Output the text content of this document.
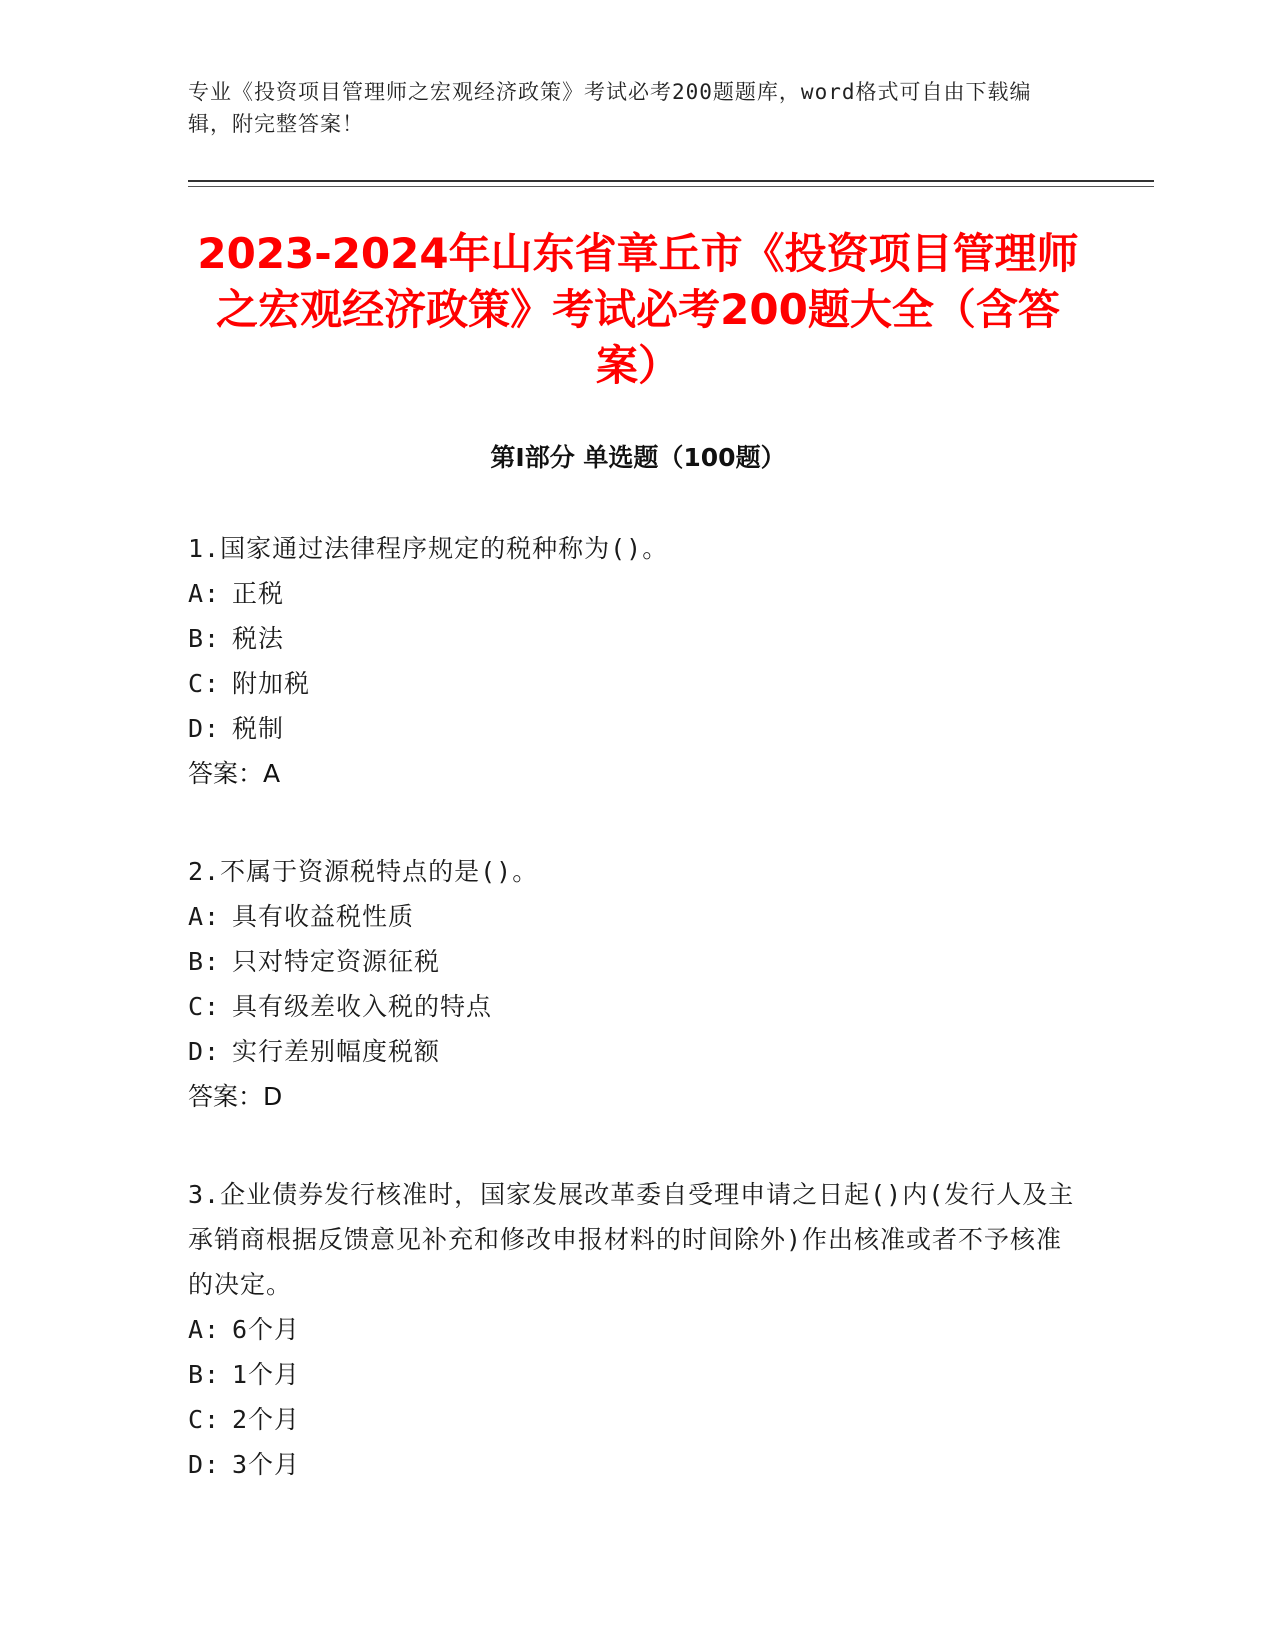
专业《投资项目管理师之宏观经济政策》考试必考200题题库，word格式可自由下载编辑，附完整答案！
2023-2024年山东省章丘市《投资项目管理师之宏观经济政策》考试必考200题大全（含答案）
第I部分 单选题（100题）
1.国家通过法律程序规定的税种称为()。
A: 正税
B: 税法
C: 附加税
D: 税制
答案：A
2.不属于资源税特点的是()。
A: 具有收益税性质
B: 只对特定资源征税
C: 具有级差收入税的特点
D: 实行差别幅度税额
答案：D
3.企业债券发行核准时，国家发展改革委自受理申请之日起()内(发行人及主承销商根据反馈意见补充和修改申报材料的时间除外)作出核准或者不予核准的决定。
A: 6个月
B: 1个月
C: 2个月
D: 3个月
